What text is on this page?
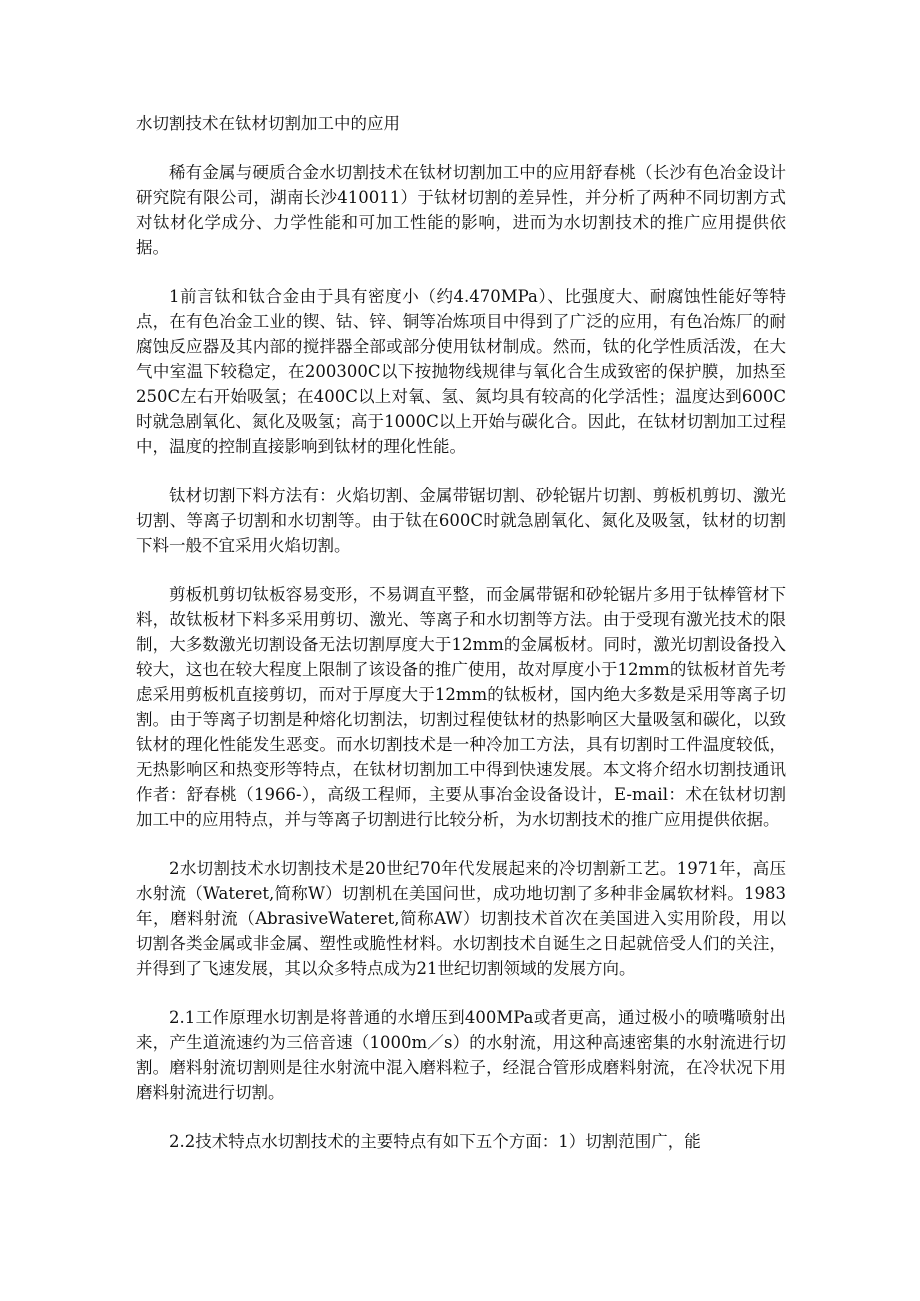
水切割技术在钛材切割加工中的应用

稀有金属与硬质合金水切割技术在钛材切割加工中的应用舒春桃（长沙有色冶金设计研究院有限公司，湖南长沙410011）于钛材切割的差异性，并分析了两种不同切割方式对钛材化学成分、力学性能和可加工性能的影响，进而为水切割技术的推广应用提供依据。

1前言钛和钛合金由于具有密度小（约4.470MPa）、比强度大、耐腐蚀性能好等特点，在有色冶金工业的锲、钴、锌、铜等冶炼项目中得到了广泛的应用，有色冶炼厂的耐腐蚀反应器及其内部的搅拌器全部或部分使用钛材制成。然而，钛的化学性质活泼，在大气中室温下较稳定，在200300C以下按抛物线规律与氧化合生成致密的保护膜，加热至250C左右开始吸氢；在400C以上对氧、氢、氮均具有较高的化学活性；温度达到600C时就急剧氧化、氮化及吸氢；高于1000C以上开始与碳化合。因此，在钛材切割加工过程中，温度的控制直接影响到钛材的理化性能。

钛材切割下料方法有：火焰切割、金属带锯切割、砂轮锯片切割、剪板机剪切、激光切割、等离子切割和水切割等。由于钛在600C时就急剧氧化、氮化及吸氢，钛材的切割下料一般不宜采用火焰切割。

剪板机剪切钛板容易变形，不易调直平整，而金属带锯和砂轮锯片多用于钛棒管材下料，故钛板材下料多采用剪切、激光、等离子和水切割等方法。由于受现有激光技术的限制，大多数激光切割设备无法切割厚度大于12mm的金属板材。同时，激光切割设备投入较大，这也在较大程度上限制了该设备的推广使用，故对厚度小于12mm的钛板材首先考虑采用剪板机直接剪切，而对于厚度大于12mm的钛板材，国内绝大多数是采用等离子切割。由于等离子切割是种熔化切割法，切割过程使钛材的热影响区大量吸氢和碳化，以致钛材的理化性能发生恶变。而水切割技术是一种冷加工方法，具有切割时工件温度较低，无热影响区和热变形等特点，在钛材切割加工中得到快速发展。本文将介绍水切割技通讯作者：舒春桃（1966-），高级工程师，主要从事冶金设备设计，E-mail：术在钛材切割加工中的应用特点，并与等离子切割进行比较分析，为水切割技术的推广应用提供依据。

2水切割技术水切割技术是20世纪70年代发展起来的冷切割新工艺。1971年，高压水射流（Wateret,简称W）切割机在美国问世，成功地切割了多种非金属软材料。1983年，磨料射流（AbrasiveWateret,简称AW）切割技术首次在美国进入实用阶段，用以切割各类金属或非金属、塑性或脆性材料。水切割技术自诞生之日起就倍受人们的关注，并得到了飞速发展，其以众多特点成为21世纪切割领域的发展方向。

2.1工作原理水切割是将普通的水增压到400MPa或者更高，通过极小的喷嘴喷射出来，产生道流速约为三倍音速（1000m／s）的水射流，用这种高速密集的水射流进行切割。磨料射流切割则是往水射流中混入磨料粒子，经混合管形成磨料射流，在冷状况下用磨料射流进行切割。

2.2技术特点水切割技术的主要特点有如下五个方面：1）切割范围广，能
